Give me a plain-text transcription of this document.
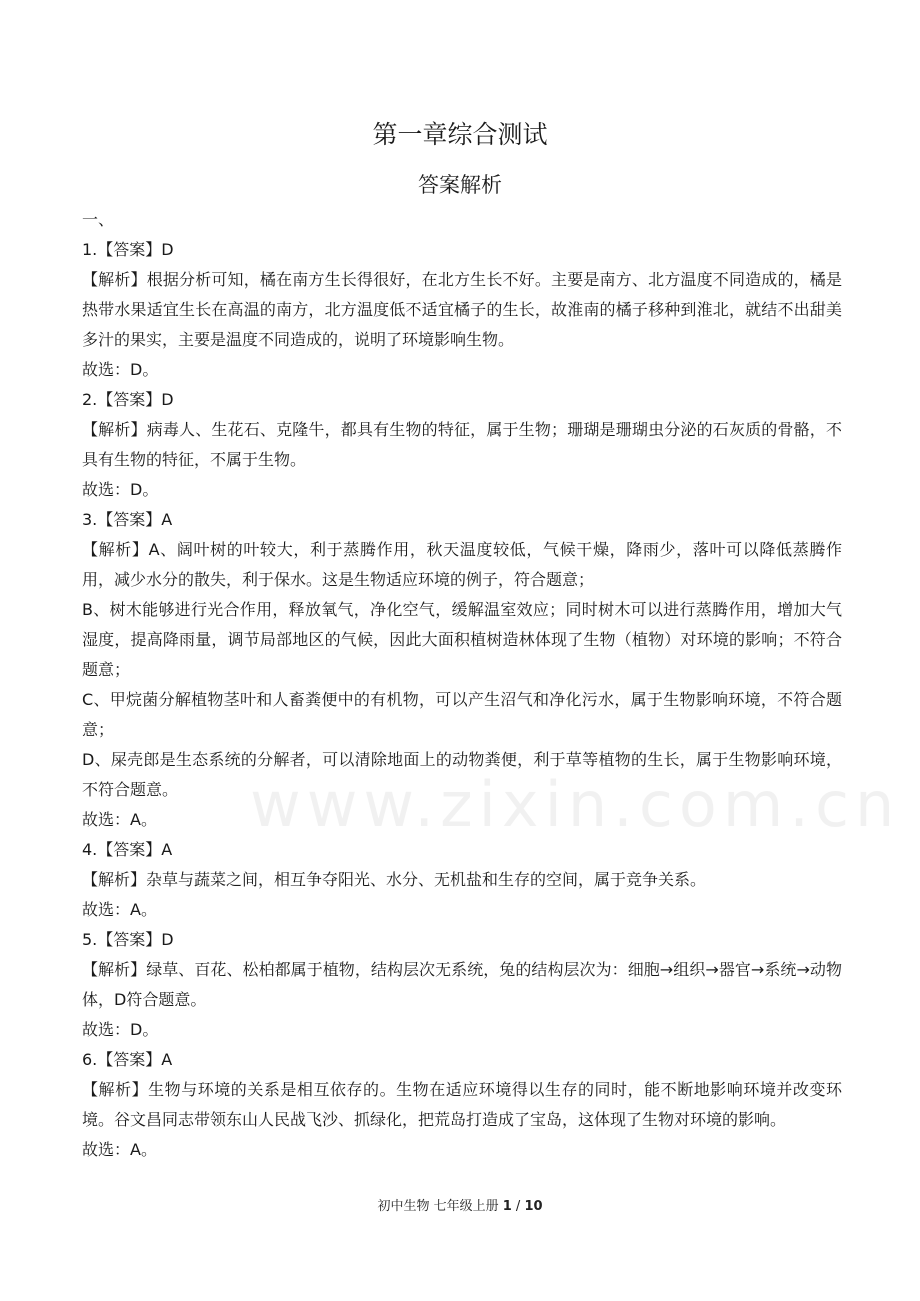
www.zixin.com.cn
第一章综合测试
答案解析
一、
1.【答案】D
【解析】根据分析可知，橘在南方生长得很好，在北方生长不好。主要是南方、北方温度不同造成的，橘是热带水果适宜生长在高温的南方，北方温度低不适宜橘子的生长，故淮南的橘子移种到淮北，就结不出甜美多汁的果实，主要是温度不同造成的，说明了环境影响生物。
故选：D。
2.【答案】D
【解析】病毒人、生花石、克隆牛，都具有生物的特征，属于生物；珊瑚是珊瑚虫分泌的石灰质的骨骼，不具有生物的特征，不属于生物。
故选：D。
3.【答案】A
【解析】A、阔叶树的叶较大，利于蒸腾作用，秋天温度较低，气候干燥，降雨少，落叶可以降低蒸腾作用，减少水分的散失，利于保水。这是生物适应环境的例子，符合题意；
B、树木能够进行光合作用，释放氧气，净化空气，缓解温室效应；同时树木可以进行蒸腾作用，增加大气湿度，提高降雨量，调节局部地区的气候，因此大面积植树造林体现了生物（植物）对环境的影响；不符合题意；
C、甲烷菌分解植物茎叶和人畜粪便中的有机物，可以产生沼气和净化污水，属于生物影响环境，不符合题意；
D、屎壳郎是生态系统的分解者，可以清除地面上的动物粪便，利于草等植物的生长，属于生物影响环境，不符合题意。
故选：A。
4.【答案】A
【解析】杂草与蔬菜之间，相互争夺阳光、水分、无机盐和生存的空间，属于竞争关系。
故选：A。
5.【答案】D
【解析】绿草、百花、松柏都属于植物，结构层次无系统，兔的结构层次为：细胞→组织→器官→系统→动物体，D符合题意。
故选：D。
6.【答案】A
【解析】生物与环境的关系是相互依存的。生物在适应环境得以生存的同时，能不断地影响环境并改变环境。谷文昌同志带领东山人民战飞沙、抓绿化，把荒岛打造成了宝岛，这体现了生物对环境的影响。
故选：A。
初中生物 七年级上册 1 / 10
